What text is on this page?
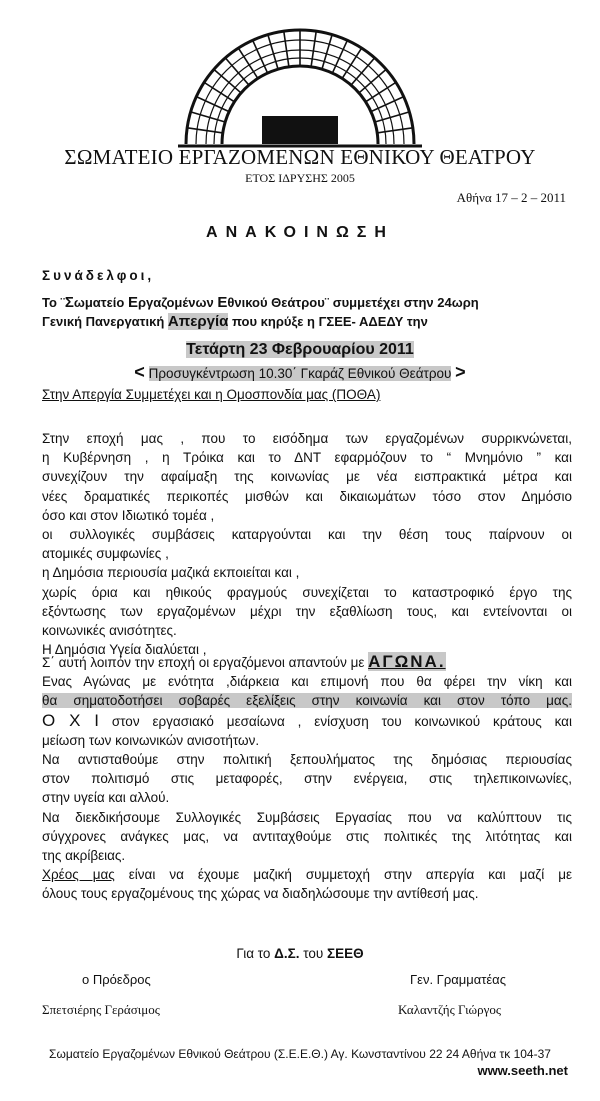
ΣΩΜΑΤΕΙΟ ΕΡΓΑΖΟΜΕΝΩΝ ΕΘΝΙΚΟΥ ΘΕΑΤΡΟΥ
ΕΤΟΣ ΙΔΡΥΣΗΣ 2005
Αθήνα 17 – 2 – 2011
ΑΝΑΚΟΙΝΩΣΗ
Συνάδελφοι,

Το ¨Σωματείο Εργαζομένων Εθνικού Θεάτρου¨ συμμετέχει στην 24ωρη

Γενική Πανεργατική Απεργία που κηρύξε η ΓΣΕΕ- ΑΔΕΔΥ την

Τετάρτη 23 Φεβρουαρίου 2011
< Προσυγκέντρωση 10.30΄ Γκαράζ Εθνικού Θεάτρου >
Στην Απεργία Συμμετέχει και η Ομοσπονδία μας (ΠΟΘΑ)

Στην εποχή μας , που το εισόδημα των εργαζομένων συρρικνώνεται,

η Κυβέρνηση , η Τρόικα και το ΔΝΤ εφαρμόζουν το “ Μνημόνιο ” και

συνεχίζουν την αφαίμαξη της κοινωνίας με νέα εισπρακτικά μέτρα και

νέες δραματικές περικοπές μισθών και δικαιωμάτων τόσο στον Δημόσιο

όσο και στον Ιδιωτικό τομέα ,

οι συλλογικές συμβάσεις καταργούνται και την θέση τους παίρνουν οι

ατομικές συμφωνίες ,

η Δημόσια περιουσία μαζικά εκποιείται και ,

χωρίς όρια και ηθικούς φραγμούς συνεχίζεται το καταστροφικό έργο της

εξόντωσης των εργαζομένων μέχρι την εξαθλίωση τους, και εντείνονται οι

κοινωνικές ανισότητες.

Η Δημόσια Υγεία διαλύεται ,

Σ΄ αυτή λοιπόν την εποχή οι εργαζόμενοι απαντούν με ΑΓΩΝΑ.

Ενας Αγώνας με ενότητα ,διάρκεια και επιμονή που θα φέρει την νίκη και

θα σηματοδοτήσει σοβαρές εξελίξεις στην κοινωνία και στον τόπο μας.

Ο Χ Ι στον εργασιακό μεσαίωνα , ενίσχυση του κοινωνικού κράτους και

μείωση των κοινωνικών ανισοτήτων.

Να αντισταθούμε στην πολιτική ξεπουλήματος της δημόσιας περιουσίας

στον πολιτισμό στις μεταφορές, στην ενέργεια, στις τηλεπικοινωνίες,

στην υγεία και αλλού.

Να διεκδικήσουμε Συλλογικές Συμβάσεις Εργασίας που να καλύπτουν τις

σύγχρονες ανάγκες μας, να αντιταχθούμε στις πολιτικές της λιτότητας και

της ακρίβειας.

Χρέος μας είναι να έχουμε μαζική συμμετοχή στην απεργία και μαζί με

όλους τους εργαζομένους της χώρας να διαδηλώσουμε την αντίθεσή μας.

Για το Δ.Σ. του ΣΕΕΘ
ο Πρόεδρος	Γεν. Γραμματέας
Σπετσιέρης Γεράσιμος	Καλαντζής Γιώργος
Σωματείο Εργαζομένων Εθνικού Θεάτρου (Σ.Ε.Ε.Θ.) Αγ. Κωνσταντίνου 22 24 Αθήνα τκ 104-37
www.seeth.net
